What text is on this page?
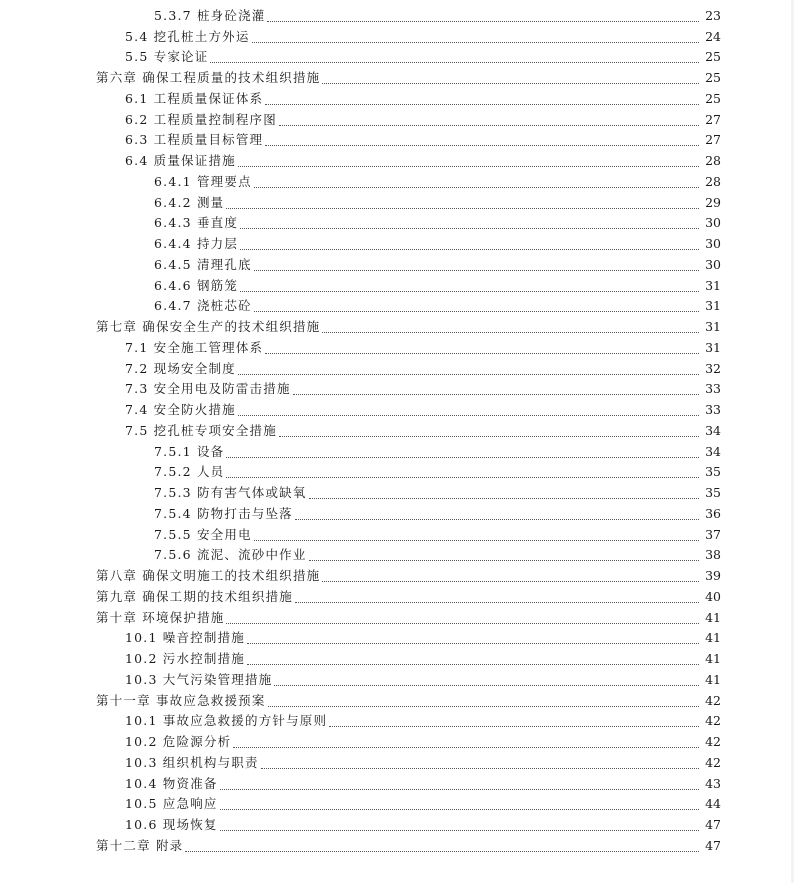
5.3.7 桩身砼浇灌	23
5.4 挖孔桩土方外运	24
5.5 专家论证	25
第六章 确保工程质量的技术组织措施	25
6.1 工程质量保证体系	25
6.2 工程质量控制程序图	27
6.3 工程质量目标管理	27
6.4 质量保证措施	28
6.4.1 管理要点	28
6.4.2 测量	29
6.4.3 垂直度	30
6.4.4 持力层	30
6.4.5 清理孔底	30
6.4.6 钢筋笼	31
6.4.7 浇桩芯砼	31
第七章 确保安全生产的技术组织措施	31
7.1 安全施工管理体系	31
7.2 现场安全制度	32
7.3 安全用电及防雷击措施	33
7.4 安全防火措施	33
7.5 挖孔桩专项安全措施	34
7.5.1 设备	34
7.5.2 人员	35
7.5.3 防有害气体或缺氧	35
7.5.4 防物打击与坠落	36
7.5.5 安全用电	37
7.5.6 流泥、流砂中作业	38
第八章 确保文明施工的技术组织措施	39
第九章 确保工期的技术组织措施	40
第十章 环境保护措施	41
10.1 噪音控制措施	41
10.2 污水控制措施	41
10.3 大气污染管理措施	41
第十一章 事故应急救援预案	42
10.1 事故应急救援的方针与原则	42
10.2 危险源分析	42
10.3 组织机构与职责	42
10.4 物资准备	43
10.5 应急响应	44
10.6 现场恢复	47
第十二章 附录	47
